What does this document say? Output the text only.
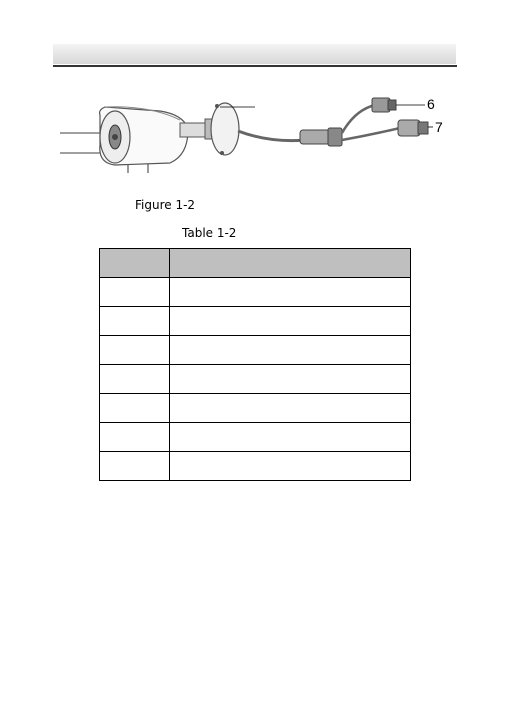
6
7
Figure 1-2
Table 1-2
